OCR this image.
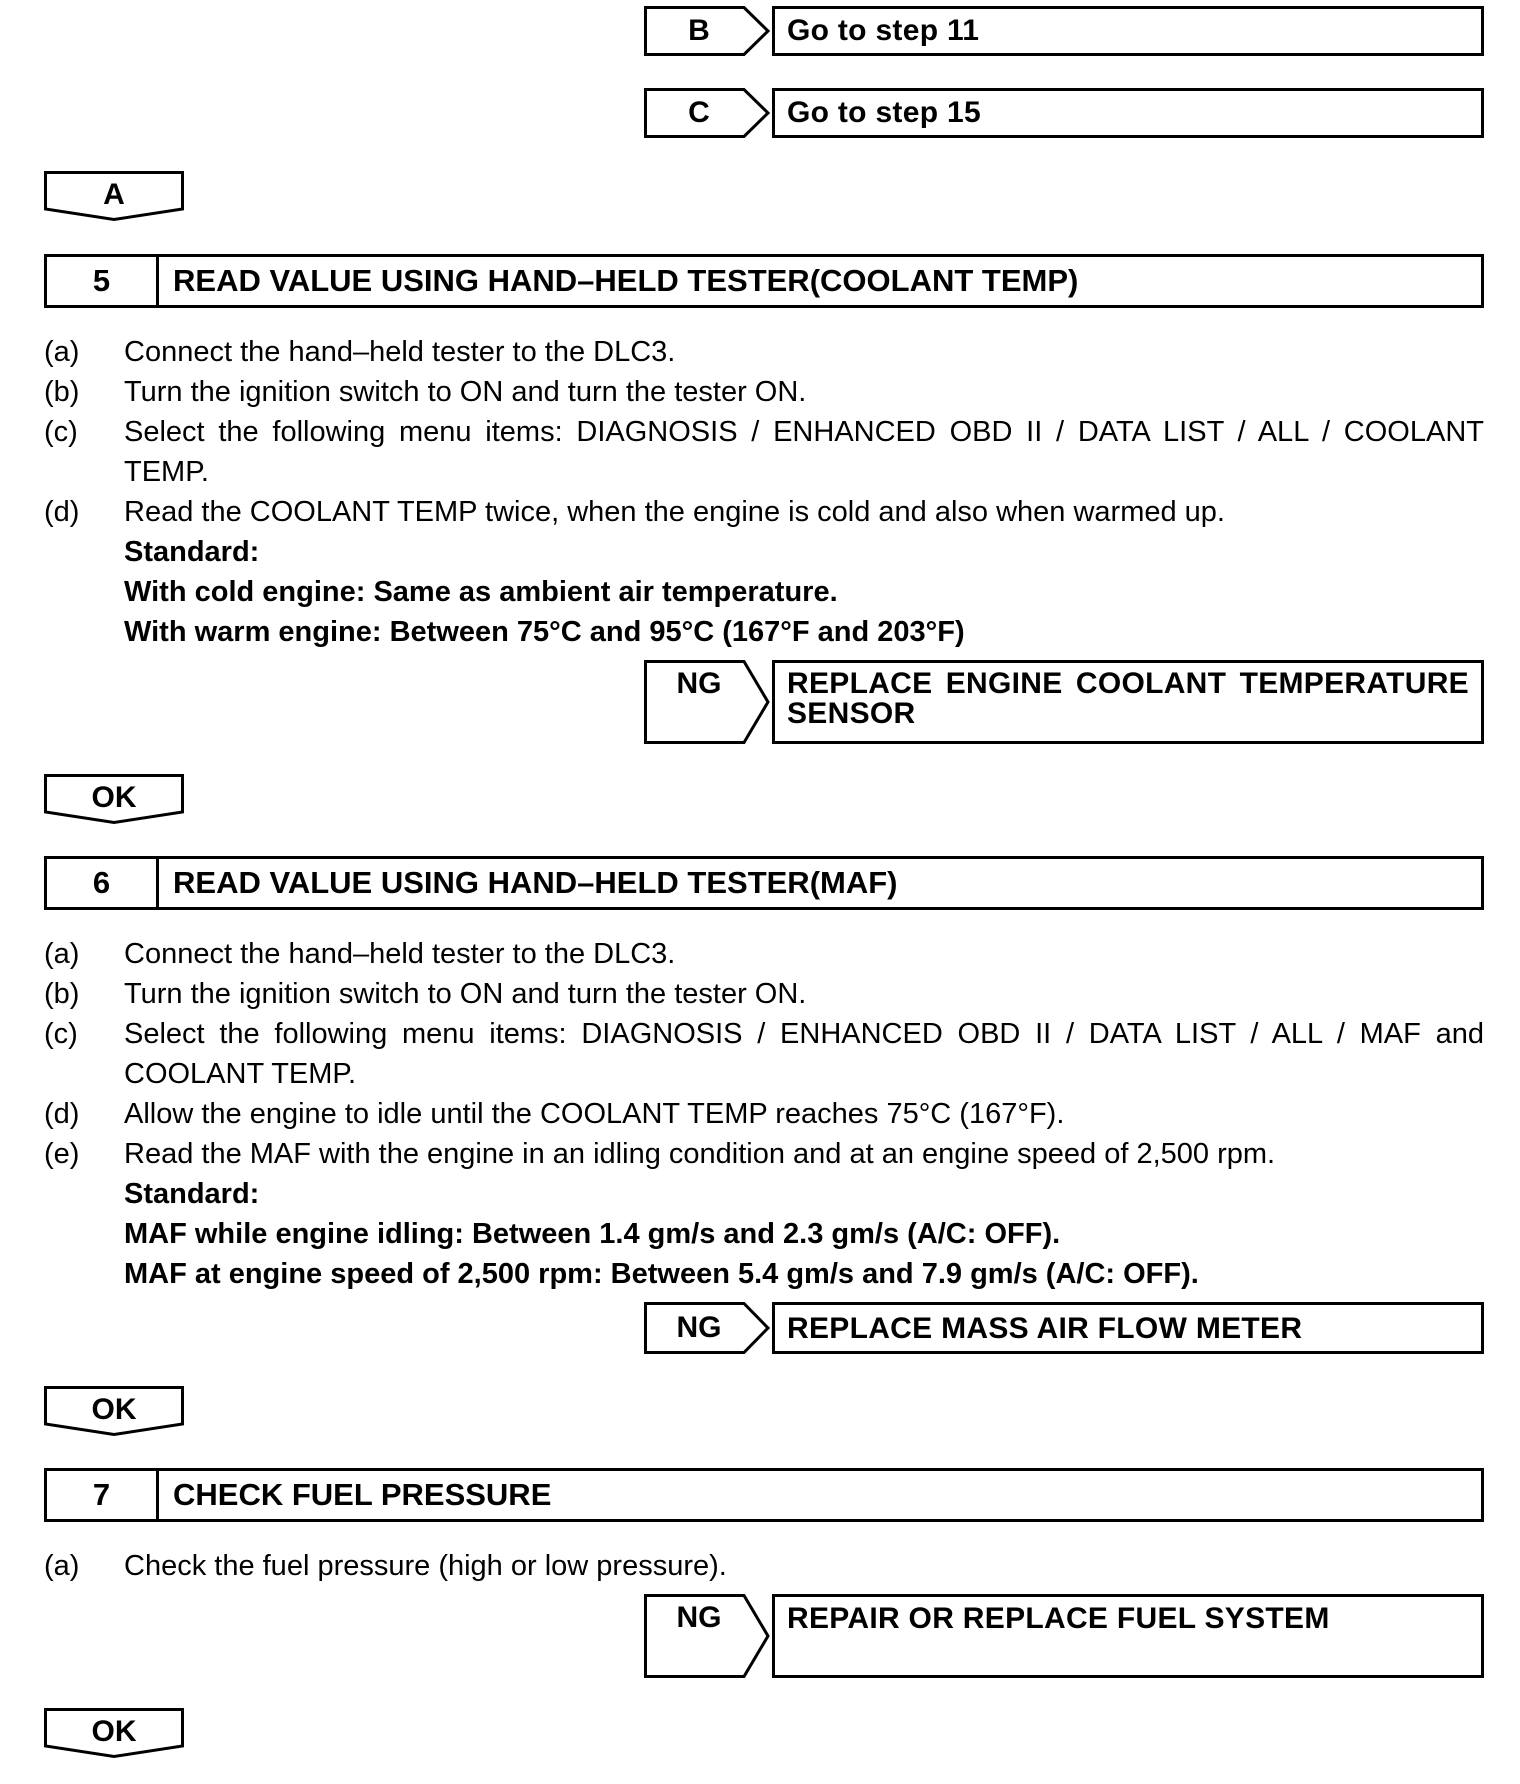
B	Go to step 11
C	Go to step 15
A
5	READ VALUE USING HAND–HELD TESTER(COOLANT TEMP)
(a) Connect the hand–held tester to the DLC3.
(b) Turn the ignition switch to ON and turn the tester ON.
(c) Select the following menu items: DIAGNOSIS / ENHANCED OBD II / DATA LIST / ALL / COOLANT
TEMP.
(d) Read the COOLANT TEMP twice, when the engine is cold and also when warmed up.
Standard:
With cold engine: Same as ambient air temperature.
With warm engine: Between 75°C and 95°C (167°F and 203°F)
NG	REPLACE ENGINE COOLANT TEMPERATURE
SENSOR
OK
6	READ VALUE USING HAND–HELD TESTER(MAF)
(a) Connect the hand–held tester to the DLC3.
(b) Turn the ignition switch to ON and turn the tester ON.
(c) Select the following menu items: DIAGNOSIS / ENHANCED OBD II / DATA LIST / ALL / MAF and
COOLANT TEMP.
(d) Allow the engine to idle until the COOLANT TEMP reaches 75°C (167°F).
(e) Read the MAF with the engine in an idling condition and at an engine speed of 2,500 rpm.
Standard:
MAF while engine idling: Between 1.4 gm/s and 2.3 gm/s (A/C: OFF).
MAF at engine speed of 2,500 rpm: Between 5.4 gm/s and 7.9 gm/s (A/C: OFF).
NG	REPLACE MASS AIR FLOW METER
OK
7	CHECK FUEL PRESSURE
(a) Check the fuel pressure (high or low pressure).
NG	REPAIR OR REPLACE FUEL SYSTEM
OK
